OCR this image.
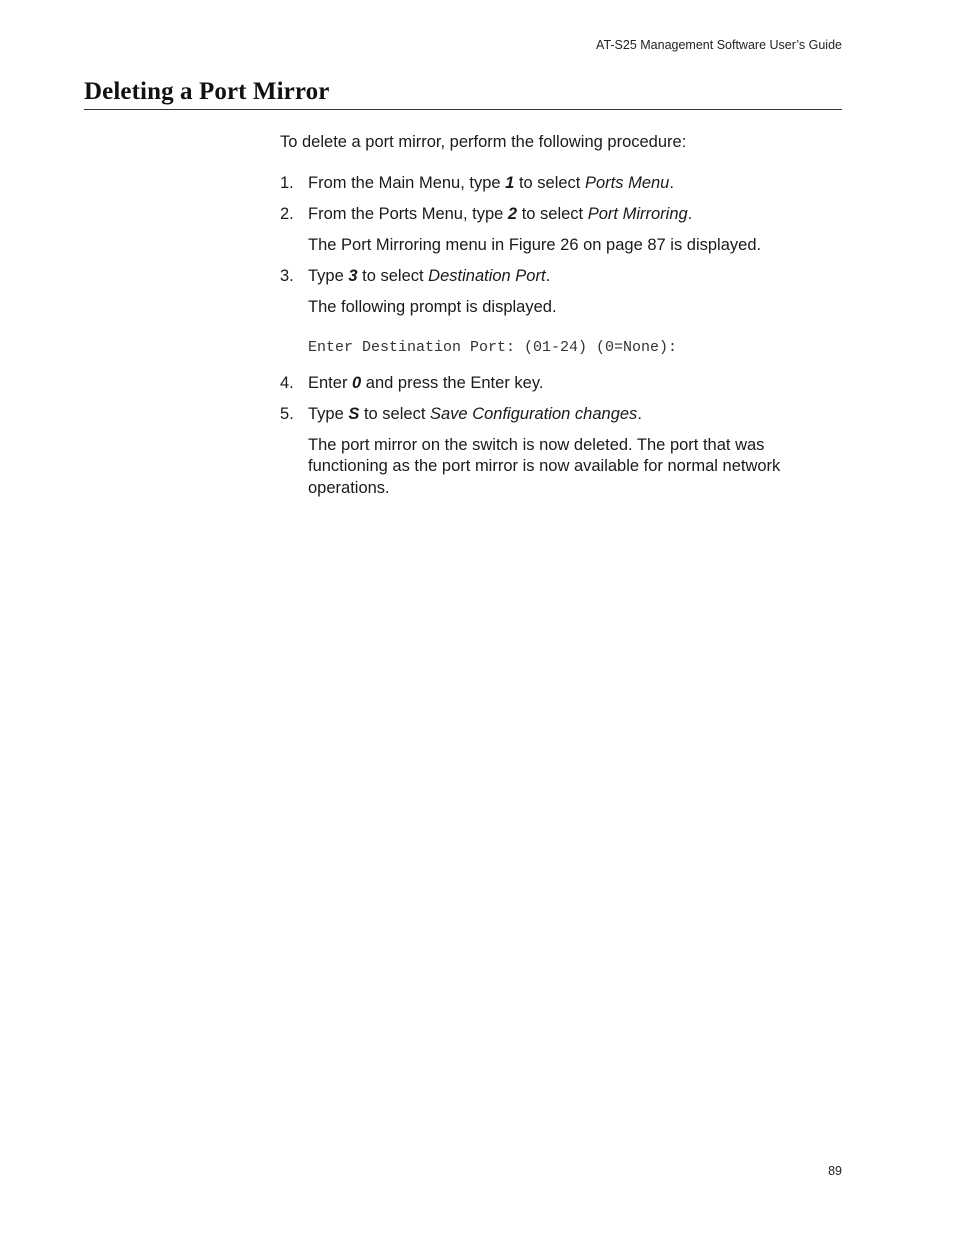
AT-S25 Management Software User’s Guide
Deleting a Port Mirror

To delete a port mirror, perform the following procedure:

1. From the Main Menu, type 1 to select Ports Menu.

2. From the Ports Menu, type 2 to select Port Mirroring.

The Port Mirroring menu in Figure 26 on page 87 is displayed.

3. Type 3 to select Destination Port.

The following prompt is displayed.

Enter Destination Port: (01-24) (0=None):
4. Enter 0 and press the Enter key.

5. Type S to select Save Configuration changes.

The port mirror on the switch is now deleted. The port that was functioning as the port mirror is now available for normal network operations.

89
